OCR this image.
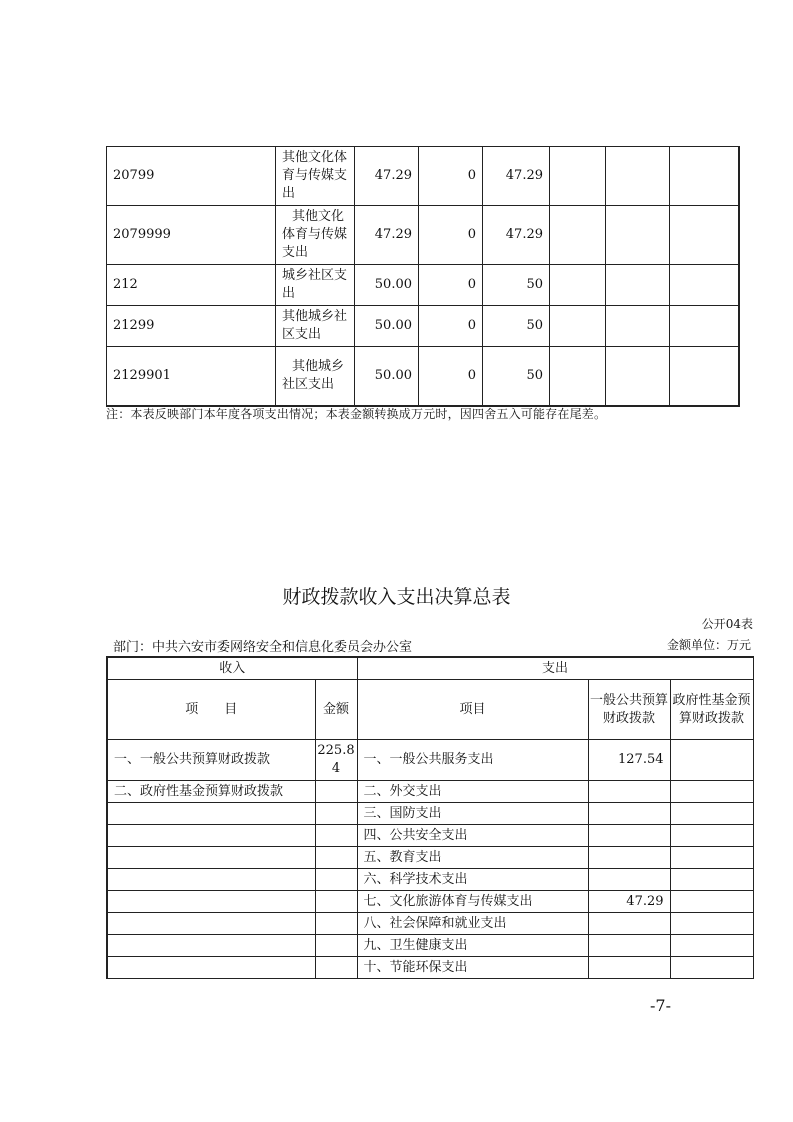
20799	其他文化体育与传媒支出	47.29	0	47.29			
2079999	其他文化体育与传媒支出	47.29	0	47.29			
212	城乡社区支出	50.00	0	50			
21299	其他城乡社区支出	50.00	0	50			
2129901	其他城乡社区支出	50.00	0	50			
注：本表反映部门本年度各项支出情况；本表金额转换成万元时，因四舍五入可能存在尾差。
财政拨款收入支出决算总表
公开04表
部门：中共六安市委网络安全和信息化委员会办公室	金额单位：万元
收入		支出		
项　　目	金额	项目	一般公共预算财政拨款	政府性基金预算财政拨款
一、一般公共预算财政拨款	225.84	一、一般公共服务支出	127.54	
二、政府性基金预算财政拨款		二、外交支出		
		三、国防支出		
		四、公共安全支出		
		五、教育支出		
		六、科学技术支出		
		七、文化旅游体育与传媒支出	47.29	
		八、社会保障和就业支出		
		九、卫生健康支出		
		十、节能环保支出		
-7-
